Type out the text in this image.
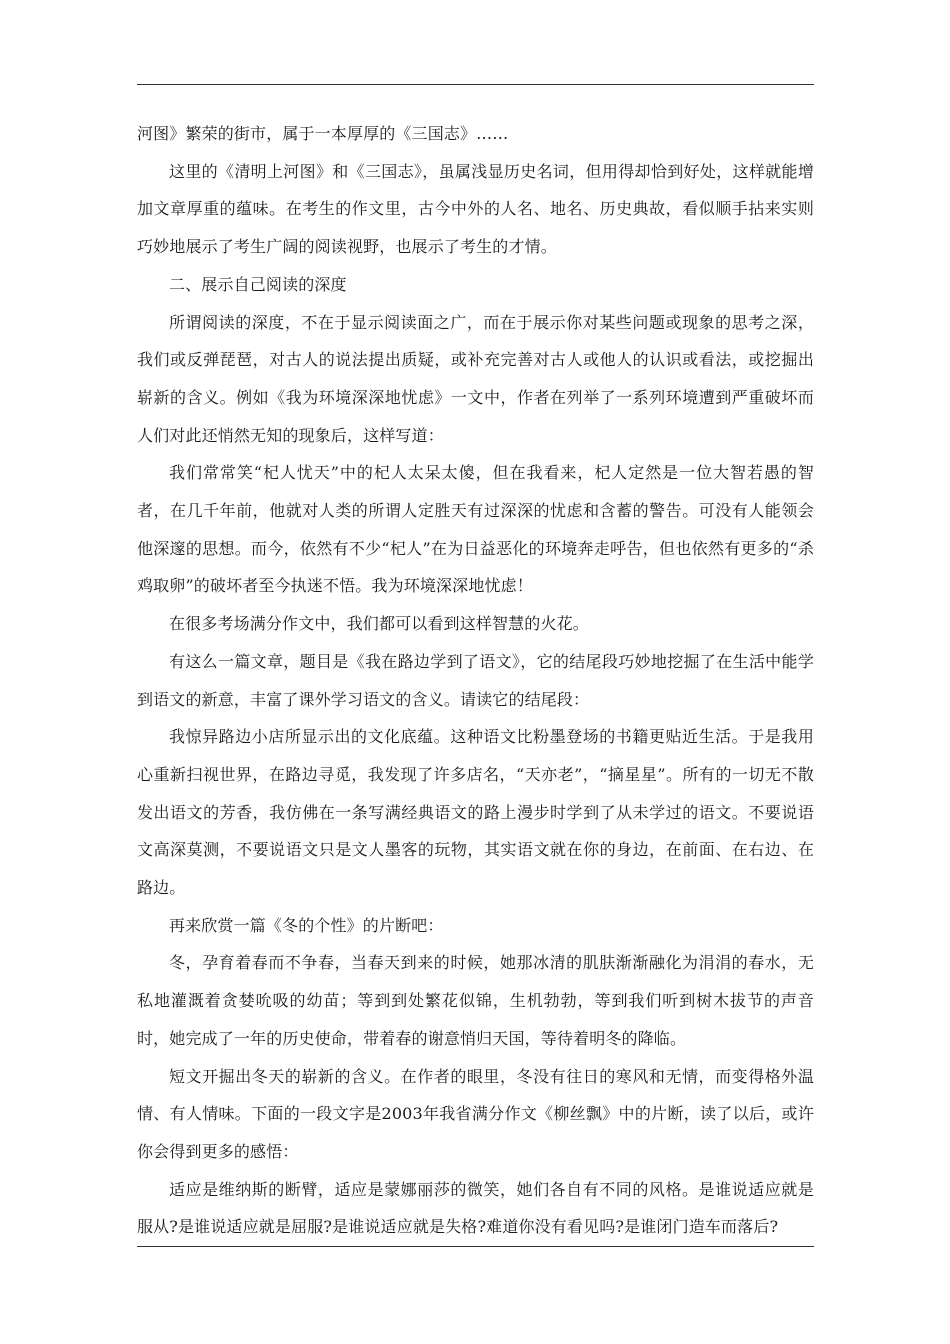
河图》繁荣的街市，属于一本厚厚的《三国志》……

这里的《清明上河图》和《三国志》，虽属浅显历史名词，但用得却恰到好处，这样就能增加文章厚重的蕴味。在考生的作文里，古今中外的人名、地名、历史典故，看似顺手拈来实则巧妙地展示了考生广阔的阅读视野，也展示了考生的才情。

二、展示自己阅读的深度

所谓阅读的深度，不在于显示阅读面之广，而在于展示你对某些问题或现象的思考之深，我们或反弹琵琶，对古人的说法提出质疑，或补充完善对古人或他人的认识或看法，或挖掘出崭新的含义。例如《我为环境深深地忧虑》一文中，作者在列举了一系列环境遭到严重破坏而人们对此还悄然无知的现象后，这样写道：

我们常常笑“杞人忧天”中的杞人太呆太傻，但在我看来，杞人定然是一位大智若愚的智者，在几千年前，他就对人类的所谓人定胜天有过深深的忧虑和含蓄的警告。可没有人能领会他深邃的思想。而今，依然有不少“杞人”在为日益恶化的环境奔走呼告，但也依然有更多的“杀鸡取卵”的破坏者至今执迷不悟。我为环境深深地忧虑！

在很多考场满分作文中，我们都可以看到这样智慧的火花。

有这么一篇文章，题目是《我在路边学到了语文》，它的结尾段巧妙地挖掘了在生活中能学到语文的新意，丰富了课外学习语文的含义。请读它的结尾段：

我惊异路边小店所显示出的文化底蕴。这种语文比粉墨登场的书籍更贴近生活。于是我用心重新扫视世界，在路边寻觅，我发现了许多店名，“天亦老”，“摘星星”。所有的一切无不散发出语文的芳香，我仿佛在一条写满经典语文的路上漫步时学到了从未学过的语文。不要说语文高深莫测，不要说语文只是文人墨客的玩物，其实语文就在你的身边，在前面、在右边、在路边。

再来欣赏一篇《冬的个性》的片断吧：

冬，孕育着春而不争春，当春天到来的时候，她那冰清的肌肤渐渐融化为涓涓的春水，无私地灌溉着贪婪吮吸的幼苗；等到到处繁花似锦，生机勃勃，等到我们听到树木拔节的声音时，她完成了一年的历史使命，带着春的谢意悄归天国，等待着明冬的降临。

短文开掘出冬天的崭新的含义。在作者的眼里，冬没有往日的寒风和无情，而变得格外温情、有人情味。下面的一段文字是2003年我省满分作文《柳丝飘》中的片断，读了以后，或许你会得到更多的感悟：

适应是维纳斯的断臂，适应是蒙娜丽莎的微笑，她们各自有不同的风格。是谁说适应就是服从?是谁说适应就是屈服?是谁说适应就是失格?难道你没有看见吗?是谁闭门造车而落后?
